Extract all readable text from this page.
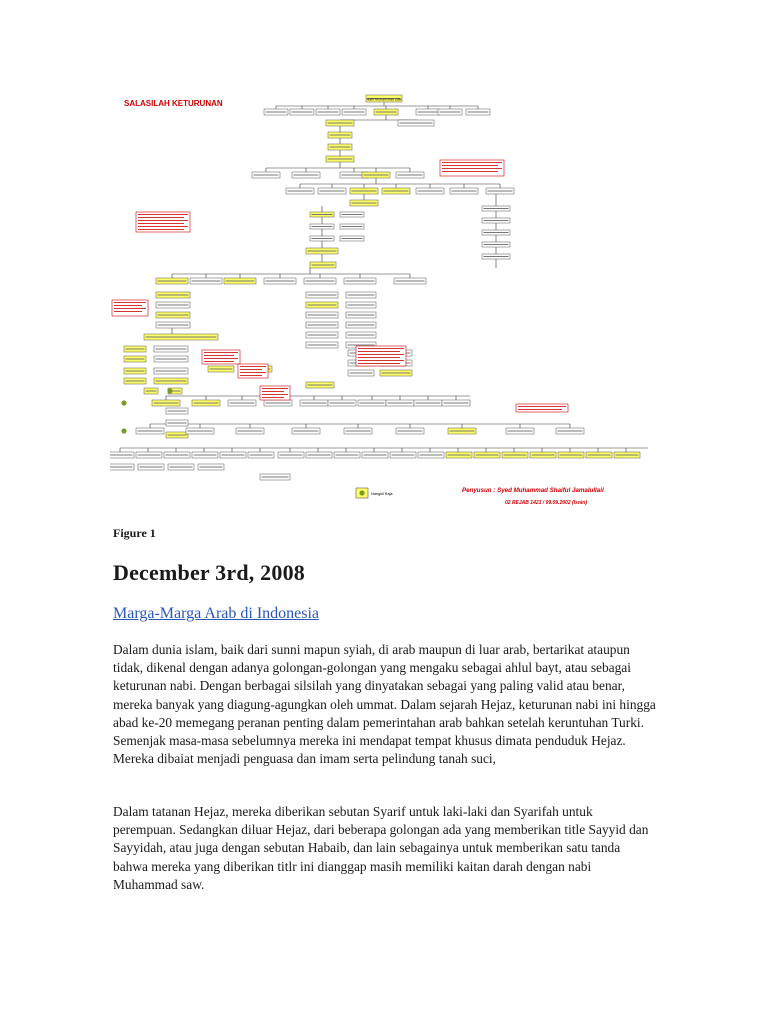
SALASILAH KETURUNAN	Nabi Muhammad saw
Nangkil Raja	Penyusun : Syed Muhammad Shaiful Jamalullail
02 REJAB 1423 / 09.09.2002 (Isnin)
Figure 1
December 3rd, 2008
Marga-Marga Arab di Indonesia

Dalam dunia islam, baik dari sunni mapun syiah, di arab maupun di luar arab, bertarikat ataupun tidak, dikenal dengan adanya golongan-golongan yang mengaku sebagai ahlul bayt, atau sebagai keturunan nabi. Dengan berbagai silsilah yang dinyatakan sebagai yang paling valid atau benar, mereka banyak yang diagung-agungkan oleh ummat. Dalam sejarah Hejaz, keturunan nabi ini hingga abad ke-20 memegang peranan penting dalam pemerintahan arab bahkan setelah keruntuhan Turki. Semenjak masa-masa sebelumnya mereka ini mendapat tempat khusus dimata penduduk Hejaz. Mereka dibaiat menjadi penguasa dan imam serta pelindung tanah suci,

Dalam tatanan Hejaz, mereka diberikan sebutan Syarif untuk laki-laki dan Syarifah untuk perempuan. Sedangkan diluar Hejaz, dari beberapa golongan ada yang memberikan title Sayyid dan Sayyidah, atau juga dengan sebutan Habaib, dan lain sebagainya untuk memberikan satu tanda bahwa mereka yang diberikan titlr ini dianggap masih memiliki kaitan darah dengan nabi Muhammad saw.
